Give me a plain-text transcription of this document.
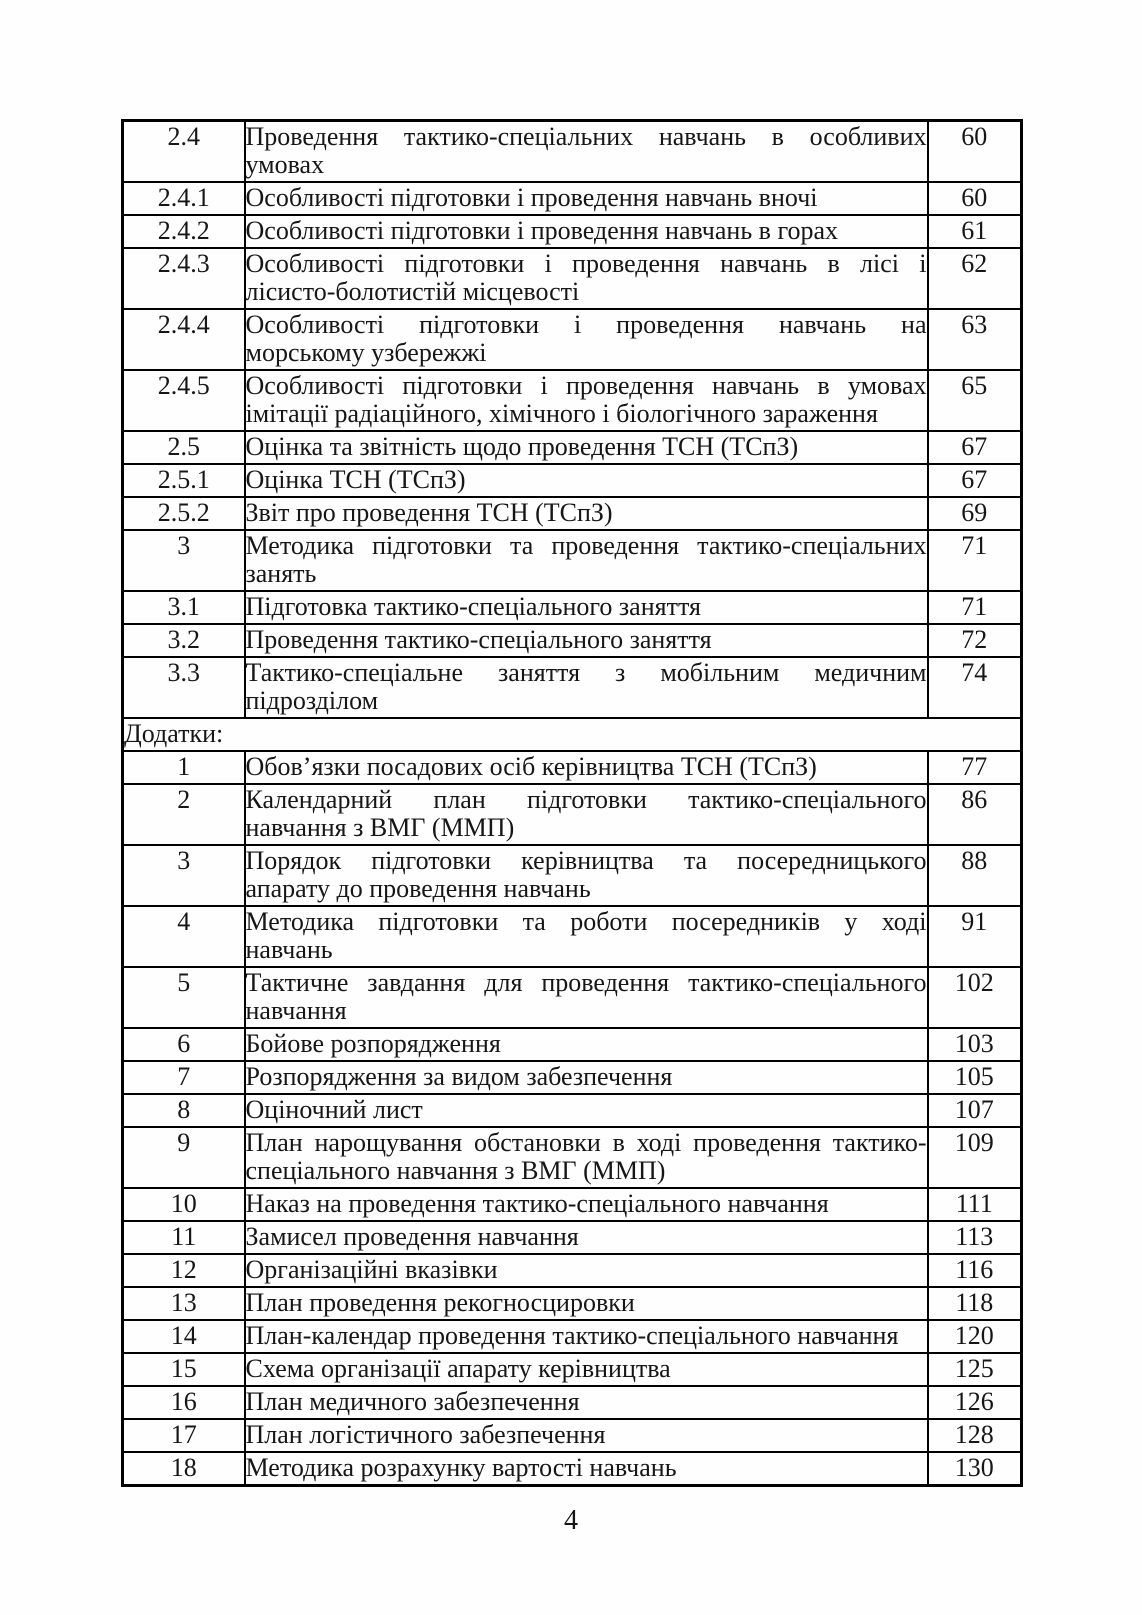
2.4	Проведення тактико-спеціальних навчань в особливих
умовах	60
2.4.1	Особливості підготовки і проведення навчань вночі	60
2.4.2	Особливості підготовки і проведення навчань в горах	61
2.4.3	Особливості підготовки і проведення навчань в лісі і
лісисто-болотистій місцевості	62
2.4.4	Особливості підготовки і проведення навчань на
морському узбережжі	63
2.4.5	Особливості підготовки і проведення навчань в умовах
імітації радіаційного, хімічного і біологічного зараження	65
2.5	Оцінка та звітність щодо проведення ТСН (ТСпЗ)	67
2.5.1	Оцінка ТСН (ТСпЗ)	67
2.5.2	Звіт про проведення ТСН (ТСпЗ)	69
3	Методика підготовки та проведення тактико-спеціальних
занять	71
3.1	Підготовка тактико-спеціального заняття	71
3.2	Проведення тактико-спеціального заняття	72
3.3	Тактико-спеціальне заняття з мобільним медичним
підрозділом	74
Додатки:		
1	Обов’язки посадових осіб керівництва ТСН (ТСпЗ)	77
2	Календарний план підготовки тактико-спеціального
навчання з ВМГ (ММП)	86
3	Порядок підготовки керівництва та посередницького
апарату до проведення навчань	88
4	Методика підготовки та роботи посередників у ході
навчань	91
5	Тактичне завдання для проведення тактико-спеціального
навчання	102
6	Бойове розпорядження	103
7	Розпорядження за видом забезпечення	105
8	Оціночний лист	107
9	План нарощування обстановки в ході проведення тактико-
спеціального навчання з ВМГ (ММП)	109
10	Наказ на проведення тактико-спеціального навчання	111
11	Замисел проведення навчання	113
12	Організаційні вказівки	116
13	План проведення рекогносцировки	118
14	План-календар проведення тактико-спеціального навчання	120
15	Схема організації апарату керівництва	125
16	План медичного забезпечення	126
17	План логістичного забезпечення	128
18	Методика розрахунку вартості навчань	130
4
